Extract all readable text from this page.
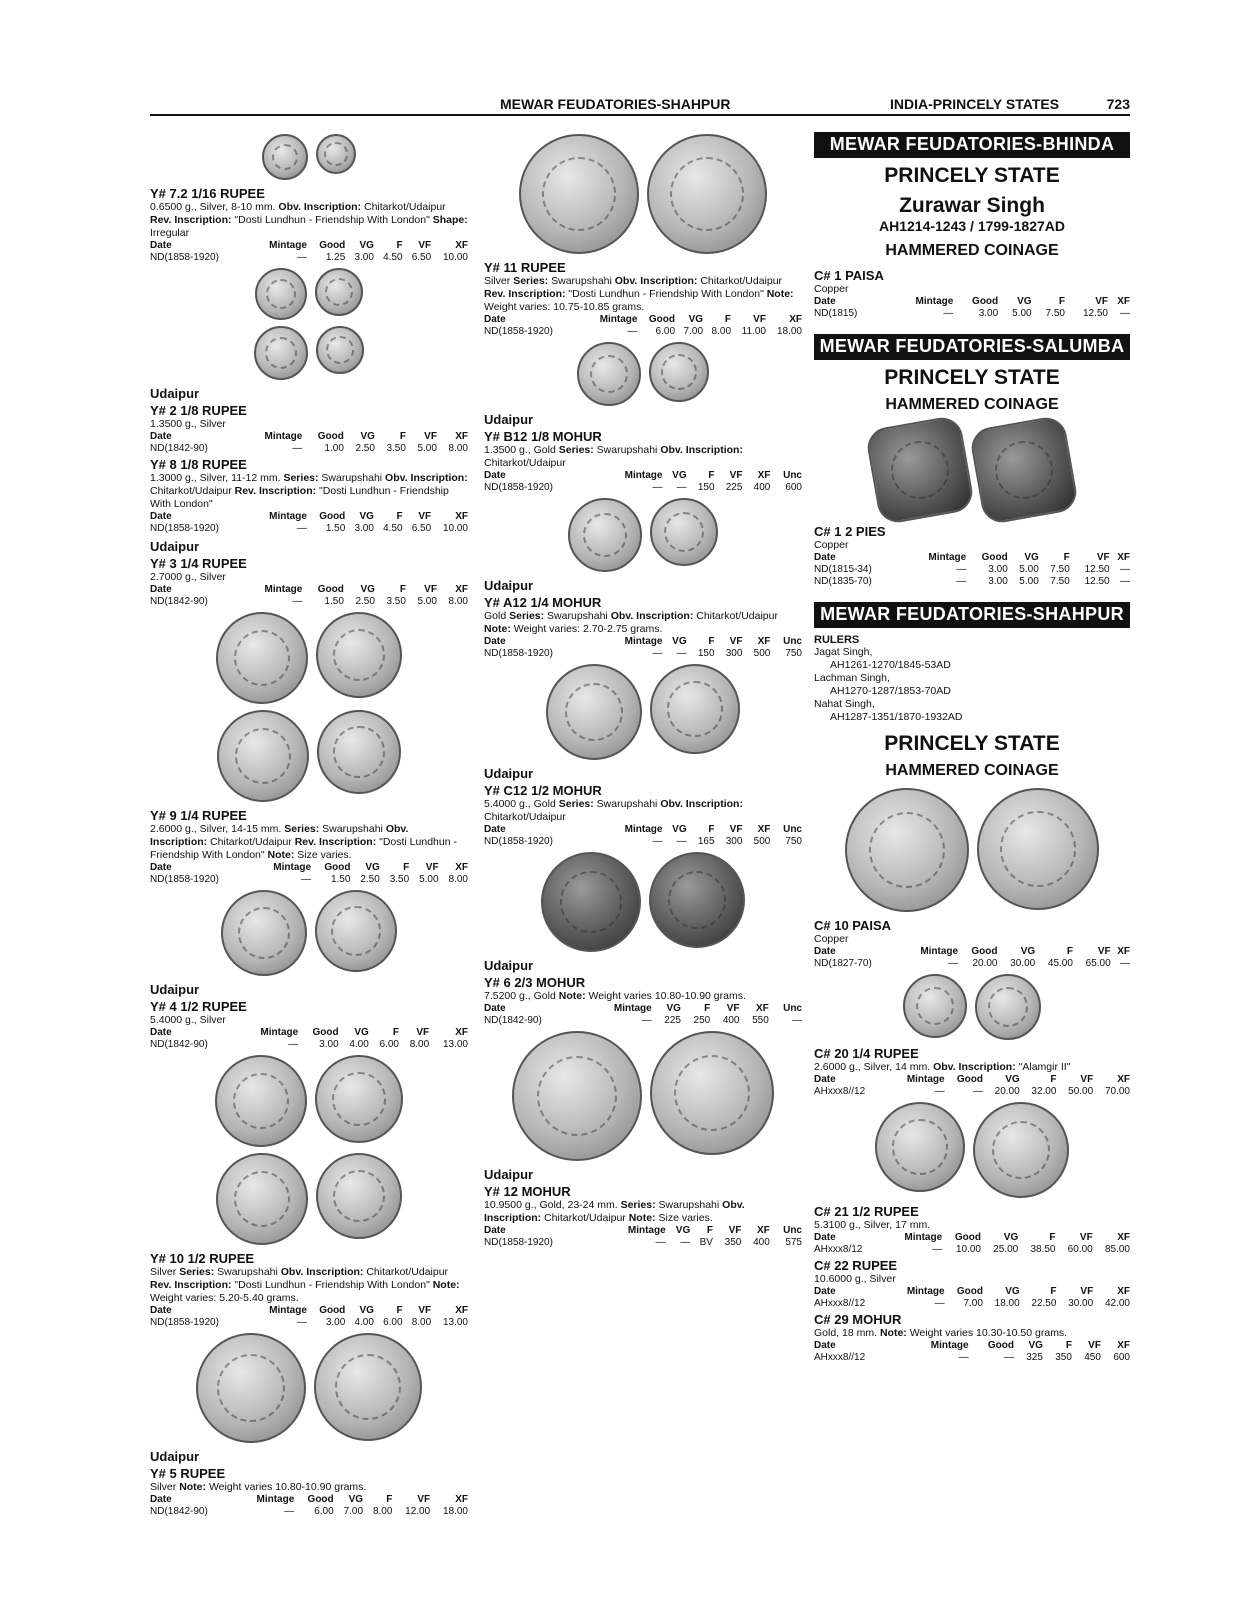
MEWAR FEUDATORIES-SHAHPUR	INDIA-PRINCELY STATES	723
Y# 7.2 1/16 RUPEE
0.6500 g., Silver, 8-10 mm. Obv. Inscription: Chitarkot/Udaipur Rev. Inscription: "Dosti Lundhun - Friendship With London" Shape: Irregular
Date	Mintage	Good	VG	F	VF	XF
ND(1858-1920)	—	1.25	3.00	4.50	6.50	10.00
Udaipur
Y# 2 1/8 RUPEE
1.3500 g., Silver
Date	Mintage	Good	VG	F	VF	XF
ND(1842-90)	—	1.00	2.50	3.50	5.00	8.00
Y# 8 1/8 RUPEE
1.3000 g., Silver, 11-12 mm. Series: Swarupshahi Obv. Inscription: Chitarkot/Udaipur Rev. Inscription: "Dosti Lundhun - Friendship With London"
Date	Mintage	Good	VG	F	VF	XF
ND(1858-1920)	—	1.50	3.00	4.50	6.50	10.00
Udaipur
Y# 3 1/4 RUPEE
2.7000 g., Silver
Date	Mintage	Good	VG	F	VF	XF
ND(1842-90)	—	1.50	2.50	3.50	5.00	8.00
Y# 9 1/4 RUPEE
2.6000 g., Silver, 14-15 mm. Series: Swarupshahi Obv. Inscription: Chitarkot/Udaipur Rev. Inscription: "Dosti Lundhun - Friendship With London" Note: Size varies.
Date	Mintage	Good	VG	F	VF	XF
ND(1858-1920)	—	1.50	2.50	3.50	5.00	8.00
Udaipur
Y# 4 1/2 RUPEE
5.4000 g., Silver
Date	Mintage	Good	VG	F	VF	XF
ND(1842-90)	—	3.00	4.00	6.00	8.00	13.00
Y# 10 1/2 RUPEE
Silver Series: Swarupshahi Obv. Inscription: Chitarkot/Udaipur Rev. Inscription: "Dosti Lundhun - Friendship With London" Note: Weight varies: 5.20-5.40 grams.
Date	Mintage	Good	VG	F	VF	XF
ND(1858-1920)	—	3.00	4.00	6.00	8.00	13.00
Udaipur
Y# 5 RUPEE
Silver Note: Weight varies 10.80-10.90 grams.
Date	Mintage	Good	VG	F	VF	XF
ND(1842-90)	—	6.00	7.00	8.00	12.00	18.00
Y# 11 RUPEE
Silver Series: Swarupshahi Obv. Inscription: Chitarkot/Udaipur Rev. Inscription: "Dosti Lundhun - Friendship With London" Note: Weight varies: 10.75-10.85 grams.
Date	Mintage	Good	VG	F	VF	XF
ND(1858-1920)	—	6.00	7.00	8.00	11.00	18.00
Udaipur
Y# B12 1/8 MOHUR
1.3500 g., Gold Series: Swarupshahi Obv. Inscription: Chitarkot/Udaipur
Date	Mintage	VG	F	VF	XF	Unc
ND(1858-1920)	—	—	150	225	400	600
Udaipur
Y# A12 1/4 MOHUR
Gold Series: Swarupshahi Obv. Inscription: Chitarkot/Udaipur Note: Weight varies: 2.70-2.75 grams.
Date	Mintage	VG	F	VF	XF	Unc
ND(1858-1920)	—	—	150	300	500	750
Udaipur
Y# C12 1/2 MOHUR
5.4000 g., Gold Series: Swarupshahi Obv. Inscription: Chitarkot/Udaipur
Date	Mintage	VG	F	VF	XF	Unc
ND(1858-1920)	—	—	165	300	500	750
Udaipur
Y# 6 2/3 MOHUR
7.5200 g., Gold Note: Weight varies 10.80-10.90 grams.
Date	Mintage	VG	F	VF	XF	Unc
ND(1842-90)	—	225	250	400	550	—
Udaipur
Y# 12 MOHUR
10.9500 g., Gold, 23-24 mm. Series: Swarupshahi Obv. Inscription: Chitarkot/Udaipur Note: Size varies.
Date	Mintage	VG	F	VF	XF	Unc
ND(1858-1920)	—	—	BV	350	400	575
MEWAR FEUDATORIES-BHINDA
PRINCELY STATE
Zurawar Singh
AH1214-1243 / 1799-1827AD
HAMMERED COINAGE
C# 1 PAISA
Copper
Date	Mintage	Good	VG	F	VF	XF
ND(1815)	—	3.00	5.00	7.50	12.50	—
MEWAR FEUDATORIES-SALUMBA
PRINCELY STATE
HAMMERED COINAGE
C# 1 2 PIES
Copper
Date	Mintage	Good	VG	F	VF	XF
ND(1815-34)	—	3.00	5.00	7.50	12.50	—
ND(1835-70)	—	3.00	5.00	7.50	12.50	—
MEWAR FEUDATORIES-SHAHPUR
RULERS
Jagat Singh,
AH1261-1270/1845-53AD
Lachman Singh,
AH1270-1287/1853-70AD
Nahat Singh,
AH1287-1351/1870-1932AD
PRINCELY STATE
HAMMERED COINAGE
C# 10 PAISA
Copper
Date	Mintage	Good	VG	F	VF	XF
ND(1827-70)	—	20.00	30.00	45.00	65.00	—
C# 20 1/4 RUPEE
2.6000 g., Silver, 14 mm. Obv. Inscription: "Alamgir II"
Date	Mintage	Good	VG	F	VF	XF
AHxxx8//12	—	—	20.00	32.00	50.00	70.00
C# 21 1/2 RUPEE
5.3100 g., Silver, 17 mm.
Date	Mintage	Good	VG	F	VF	XF
AHxxx8/12	—	10.00	25.00	38.50	60.00	85.00
C# 22 RUPEE
10.6000 g., Silver
Date	Mintage	Good	VG	F	VF	XF
AHxxx8//12	—	7.00	18.00	22.50	30.00	42.00
C# 29 MOHUR
Gold, 18 mm. Note: Weight varies 10.30-10.50 grams.
Date	Mintage	Good	VG	F	VF	XF
AHxxx8//12	—	—	325	350	450	600
